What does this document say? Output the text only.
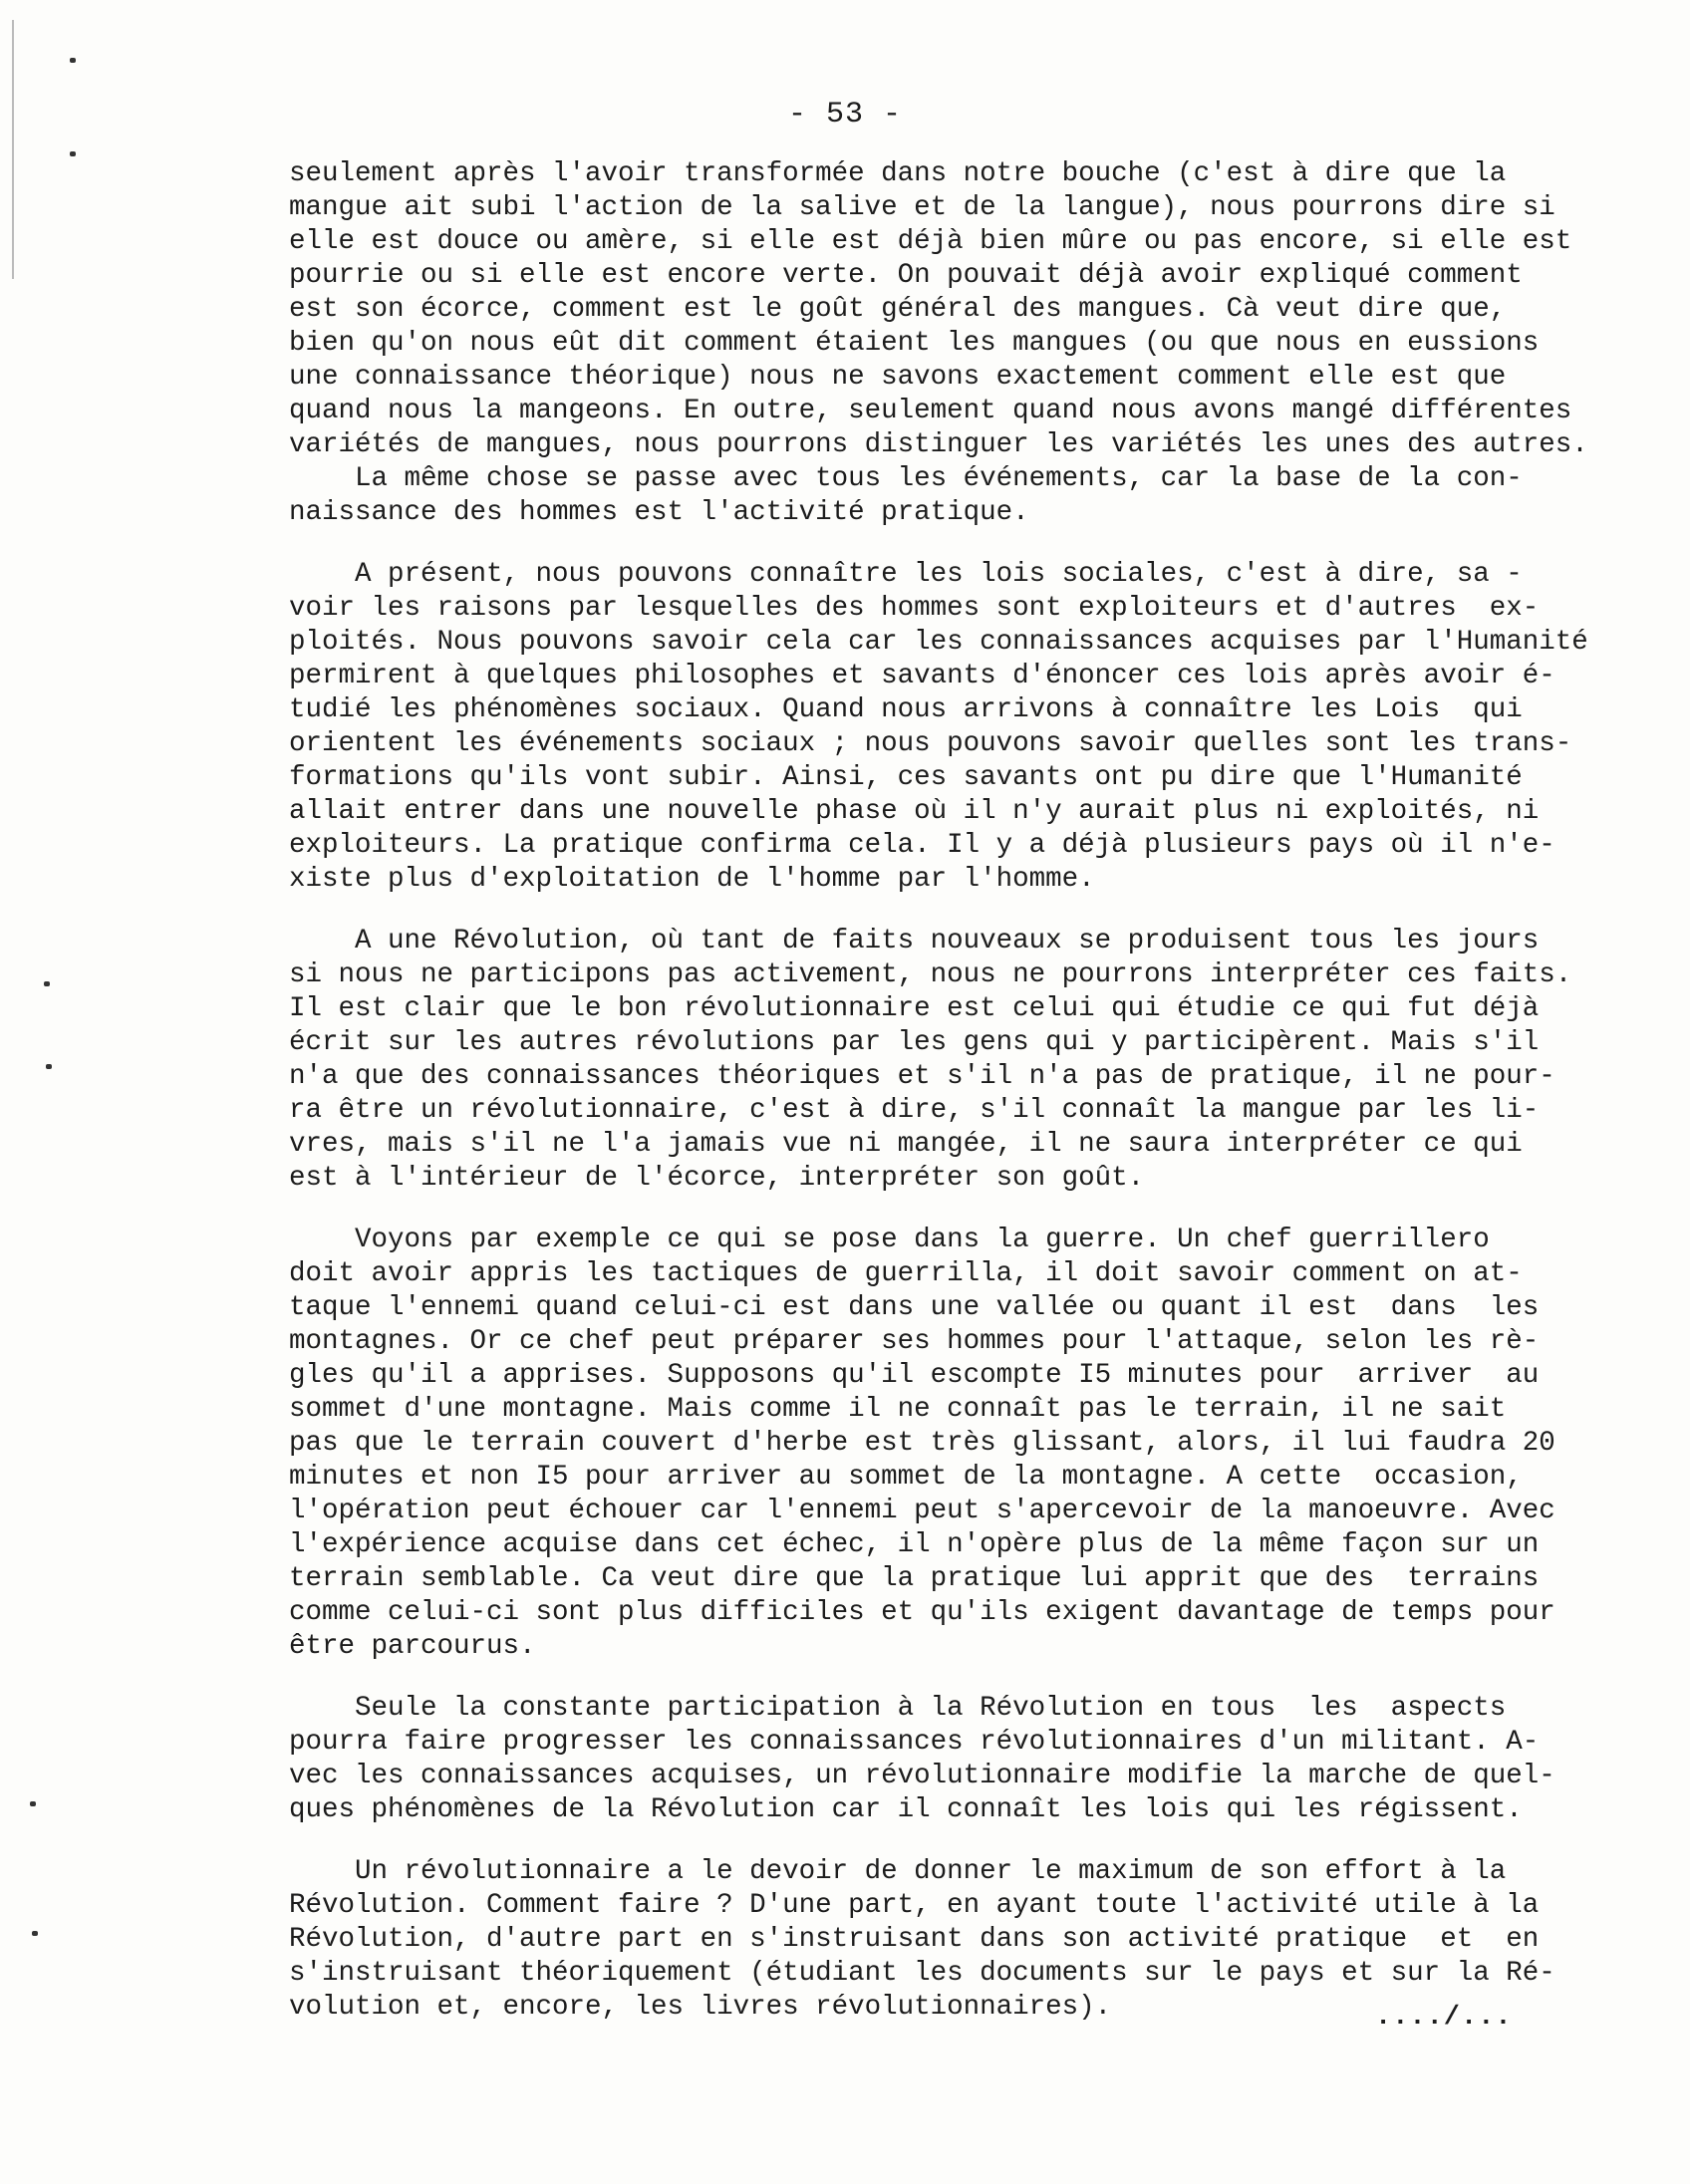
- 53 -
seulement après l'avoir transformée dans notre bouche (c'est à dire que la
mangue ait subi l'action de la salive et de la langue), nous pourrons dire si
elle est douce ou amère, si elle est déjà bien mûre ou pas encore, si elle est
pourrie ou si elle est encore verte. On pouvait déjà avoir expliqué comment
est son écorce, comment est le goût général des mangues. Cà veut dire que,
bien qu'on nous eût dit comment étaient les mangues (ou que nous en eussions
une connaissance théorique) nous ne savons exactement comment elle est que
quand nous la mangeons. En outre, seulement quand nous avons mangé différentes
variétés de mangues, nous pourrons distinguer les variétés les unes des autres.
La même chose se passe avec tous les événements, car la base de la con-
naissance des hommes est l'activité pratique.
A présent, nous pouvons connaître les lois sociales, c'est à dire, sa -
voir les raisons par lesquelles des hommes sont exploiteurs et d'autres  ex-
ploités. Nous pouvons savoir cela car les connaissances acquises par l'Humanité
permirent à quelques philosophes et savants d'énoncer ces lois après avoir é-
tudié les phénomènes sociaux. Quand nous arrivons à connaître les Lois  qui
orientent les événements sociaux ; nous pouvons savoir quelles sont les trans-
formations qu'ils vont subir. Ainsi, ces savants ont pu dire que l'Humanité
allait entrer dans une nouvelle phase où il n'y aurait plus ni exploités, ni
exploiteurs. La pratique confirma cela. Il y a déjà plusieurs pays où il n'e-
xiste plus d'exploitation de l'homme par l'homme.
A une Révolution, où tant de faits nouveaux se produisent tous les jours
si nous ne participons pas activement, nous ne pourrons interpréter ces faits.
Il est clair que le bon révolutionnaire est celui qui étudie ce qui fut déjà
écrit sur les autres révolutions par les gens qui y participèrent. Mais s'il
n'a que des connaissances théoriques et s'il n'a pas de pratique, il ne pour-
ra être un révolutionnaire, c'est à dire, s'il connaît la mangue par les li-
vres, mais s'il ne l'a jamais vue ni mangée, il ne saura interpréter ce qui
est à l'intérieur de l'écorce, interpréter son goût.
Voyons par exemple ce qui se pose dans la guerre. Un chef guerrillero
doit avoir appris les tactiques de guerrilla, il doit savoir comment on at-
taque l'ennemi quand celui-ci est dans une vallée ou quant il est  dans  les
montagnes. Or ce chef peut préparer ses hommes pour l'attaque, selon les rè-
gles qu'il a apprises. Supposons qu'il escompte I5 minutes pour  arriver  au
sommet d'une montagne. Mais comme il ne connaît pas le terrain, il ne sait
pas que le terrain couvert d'herbe est très glissant, alors, il lui faudra 20
minutes et non I5 pour arriver au sommet de la montagne. A cette  occasion,
l'opération peut échouer car l'ennemi peut s'apercevoir de la manoeuvre. Avec
l'expérience acquise dans cet échec, il n'opère plus de la même façon sur un
terrain semblable. Ca veut dire que la pratique lui apprit que des  terrains
comme celui-ci sont plus difficiles et qu'ils exigent davantage de temps pour
être parcourus.
Seule la constante participation à la Révolution en tous  les  aspects
pourra faire progresser les connaissances révolutionnaires d'un militant. A-
vec les connaissances acquises, un révolutionnaire modifie la marche de quel-
ques phénomènes de la Révolution car il connaît les lois qui les régissent.
Un révolutionnaire a le devoir de donner le maximum de son effort à la
Révolution. Comment faire ? D'une part, en ayant toute l'activité utile à la
Révolution, d'autre part en s'instruisant dans son activité pratique  et  en
s'instruisant théoriquement (étudiant les documents sur le pays et sur la Ré-
volution et, encore, les livres révolutionnaires).	..../...
